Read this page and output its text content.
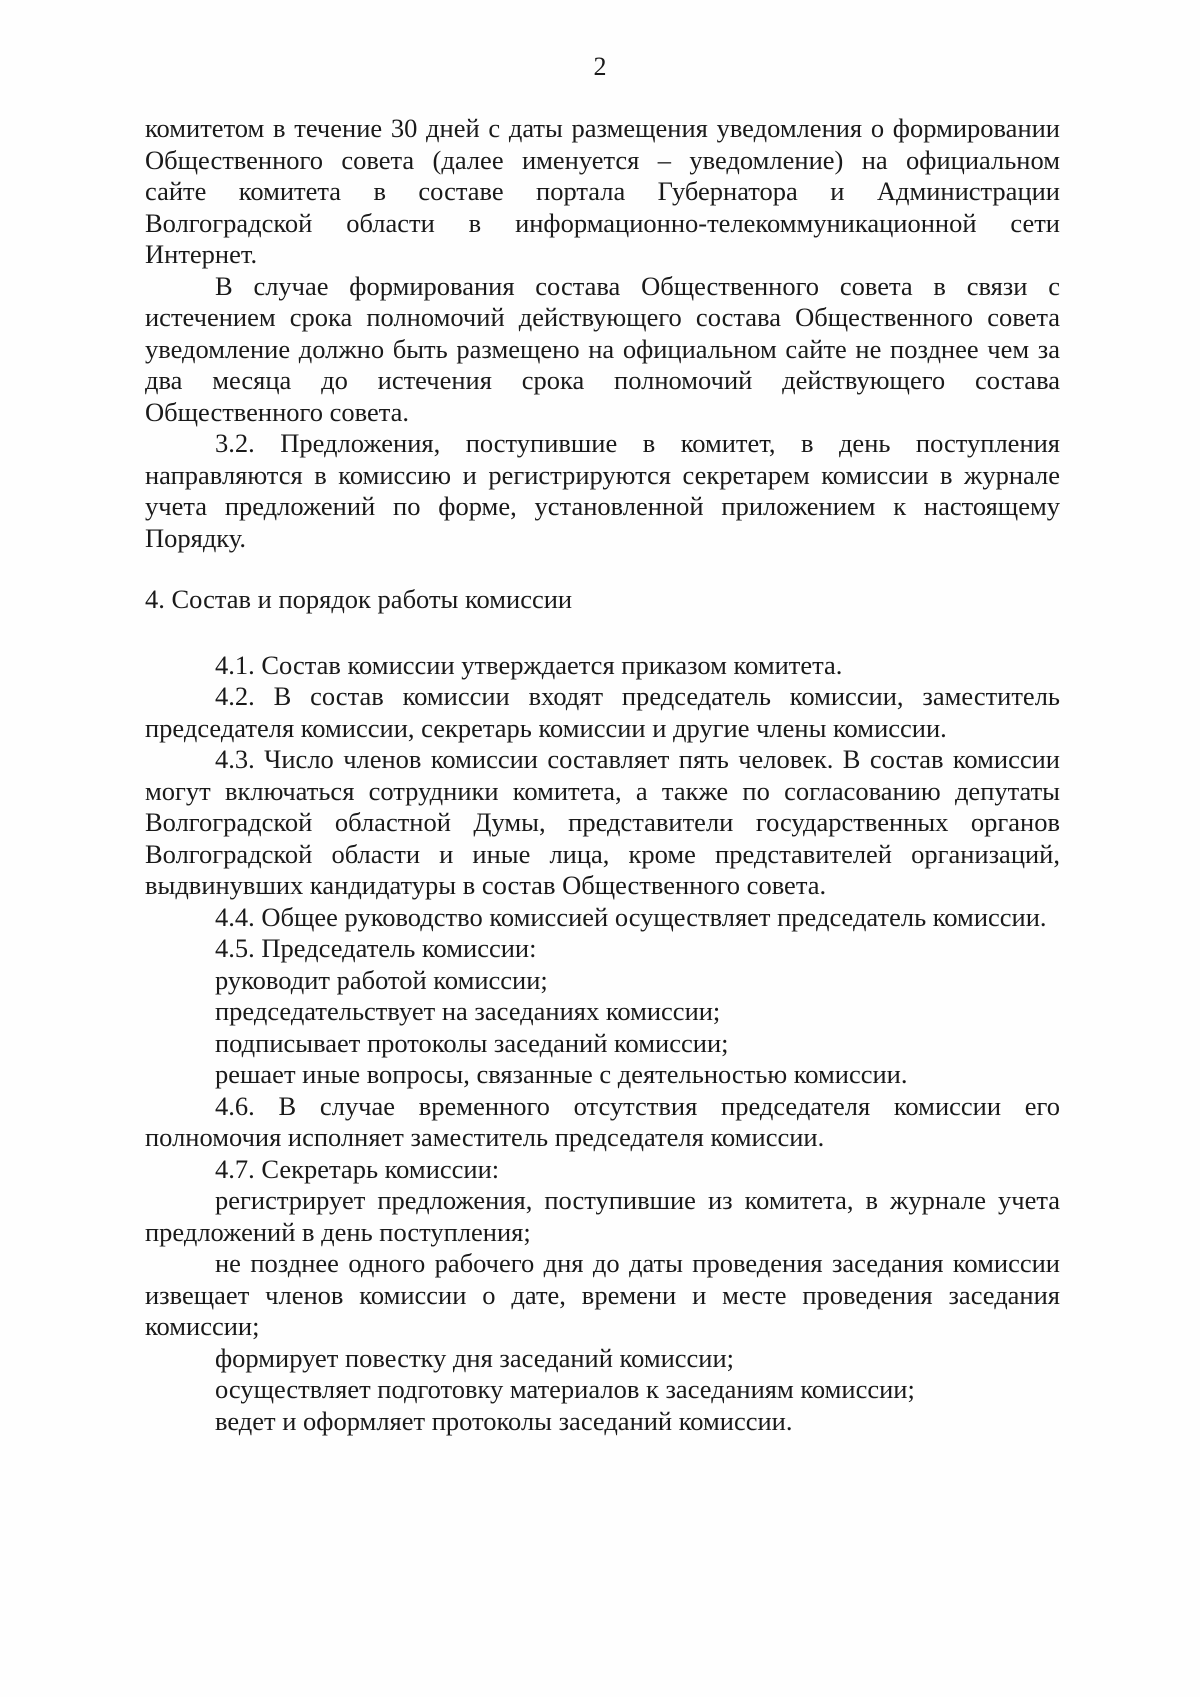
2

комитетом в течение 30 дней с даты размещения уведомления о формировании Общественного совета (далее именуется – уведомление) на официальном сайте комитета в составе портала Губернатора и Администрации Волгоградской области в информационно-телекоммуникационной сети Интернет.

В случае формирования состава Общественного совета в связи с истечением срока полномочий действующего состава Общественного совета уведомление должно быть размещено на официальном сайте не позднее чем за два месяца до истечения срока полномочий действующего состава Общественного совета.

3.2. Предложения, поступившие в комитет, в день поступления направляются в комиссию и регистрируются секретарем комиссии в журнале учета предложений по форме, установленной приложением к настоящему Порядку.

4. Состав и порядок работы комиссии

4.1. Состав комиссии утверждается приказом комитета.

4.2. В состав комиссии входят председатель комиссии, заместитель председателя комиссии, секретарь комиссии и другие члены комиссии.

4.3. Число членов комиссии составляет пять человек. В состав комиссии могут включаться сотрудники комитета, а также по согласованию депутаты Волгоградской областной Думы, представители государственных органов Волгоградской области и иные лица, кроме представителей организаций, выдвинувших кандидатуры в состав Общественного совета.

4.4. Общее руководство комиссией осуществляет председатель комиссии.

4.5. Председатель комиссии:

руководит работой комиссии;

председательствует на заседаниях комиссии;

подписывает протоколы заседаний комиссии;

решает иные вопросы, связанные с деятельностью комиссии.

4.6. В случае временного отсутствия председателя комиссии его полномочия исполняет заместитель председателя комиссии.

4.7. Секретарь комиссии:

регистрирует предложения, поступившие из комитета, в журнале учета предложений в день поступления;

не позднее одного рабочего дня до даты проведения заседания комиссии извещает членов комиссии о дате, времени и месте проведения заседания комиссии;

формирует повестку дня заседаний комиссии;

осуществляет подготовку материалов к заседаниям комиссии;

ведет и оформляет протоколы заседаний комиссии.
